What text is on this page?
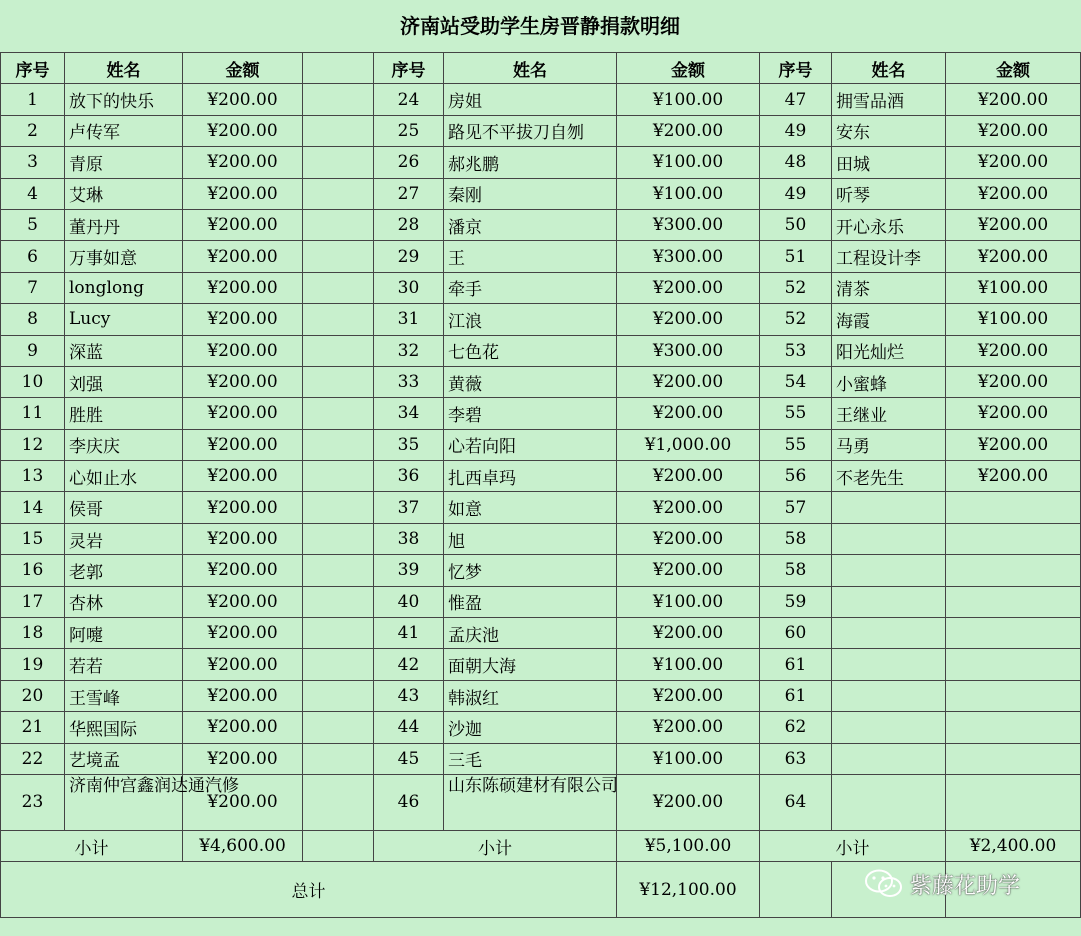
济南站受助学生房晋静捐款明细
序号	姓名	金额		序号	姓名	金额	序号	姓名	金额
1	放下的快乐	¥200.00		24	房姐	¥100.00	47	拥雪品酒	¥200.00
2	卢传军	¥200.00		25	路见不平拔刀自刎	¥200.00	49	安东	¥200.00
3	青原	¥200.00		26	郝兆鹏	¥100.00	48	田城	¥200.00
4	艾琳	¥200.00		27	秦刚	¥100.00	49	听琴	¥200.00
5	董丹丹	¥200.00		28	潘京	¥300.00	50	开心永乐	¥200.00
6	万事如意	¥200.00		29	王	¥300.00	51	工程设计李	¥200.00
7	longlong	¥200.00		30	牵手	¥200.00	52	清茶	¥100.00
8	Lucy	¥200.00		31	江浪	¥200.00	52	海霞	¥100.00
9	深蓝	¥200.00		32	七色花	¥300.00	53	阳光灿烂	¥200.00
10	刘强	¥200.00		33	黄薇	¥200.00	54	小蜜蜂	¥200.00
11	胜胜	¥200.00		34	李碧	¥200.00	55	王继业	¥200.00
12	李庆庆	¥200.00		35	心若向阳	¥1,000.00	55	马勇	¥200.00
13	心如止水	¥200.00		36	扎西卓玛	¥200.00	56	不老先生	¥200.00
14	侯哥	¥200.00		37	如意	¥200.00	57		
15	灵岩	¥200.00		38	旭	¥200.00	58		
16	老郭	¥200.00		39	忆梦	¥200.00	58		
17	杏林	¥200.00		40	惟盈	¥100.00	59		
18	阿嚏	¥200.00		41	孟庆池	¥200.00	60		
19	若若	¥200.00		42	面朝大海	¥100.00	61		
20	王雪峰	¥200.00		43	韩淑红	¥200.00	61		
21	华熙国际	¥200.00		44	沙迦	¥200.00	62		
22	艺境孟	¥200.00		45	三毛	¥100.00	63		
23	济南仲宫鑫润达通汽修	¥200.00		46	山东陈硕建材有限公司	¥200.00	64		
小计		¥4,600.00		小计		¥5,100.00	小计		¥2,400.00
总计						¥12,100.00				紫藤花助学
